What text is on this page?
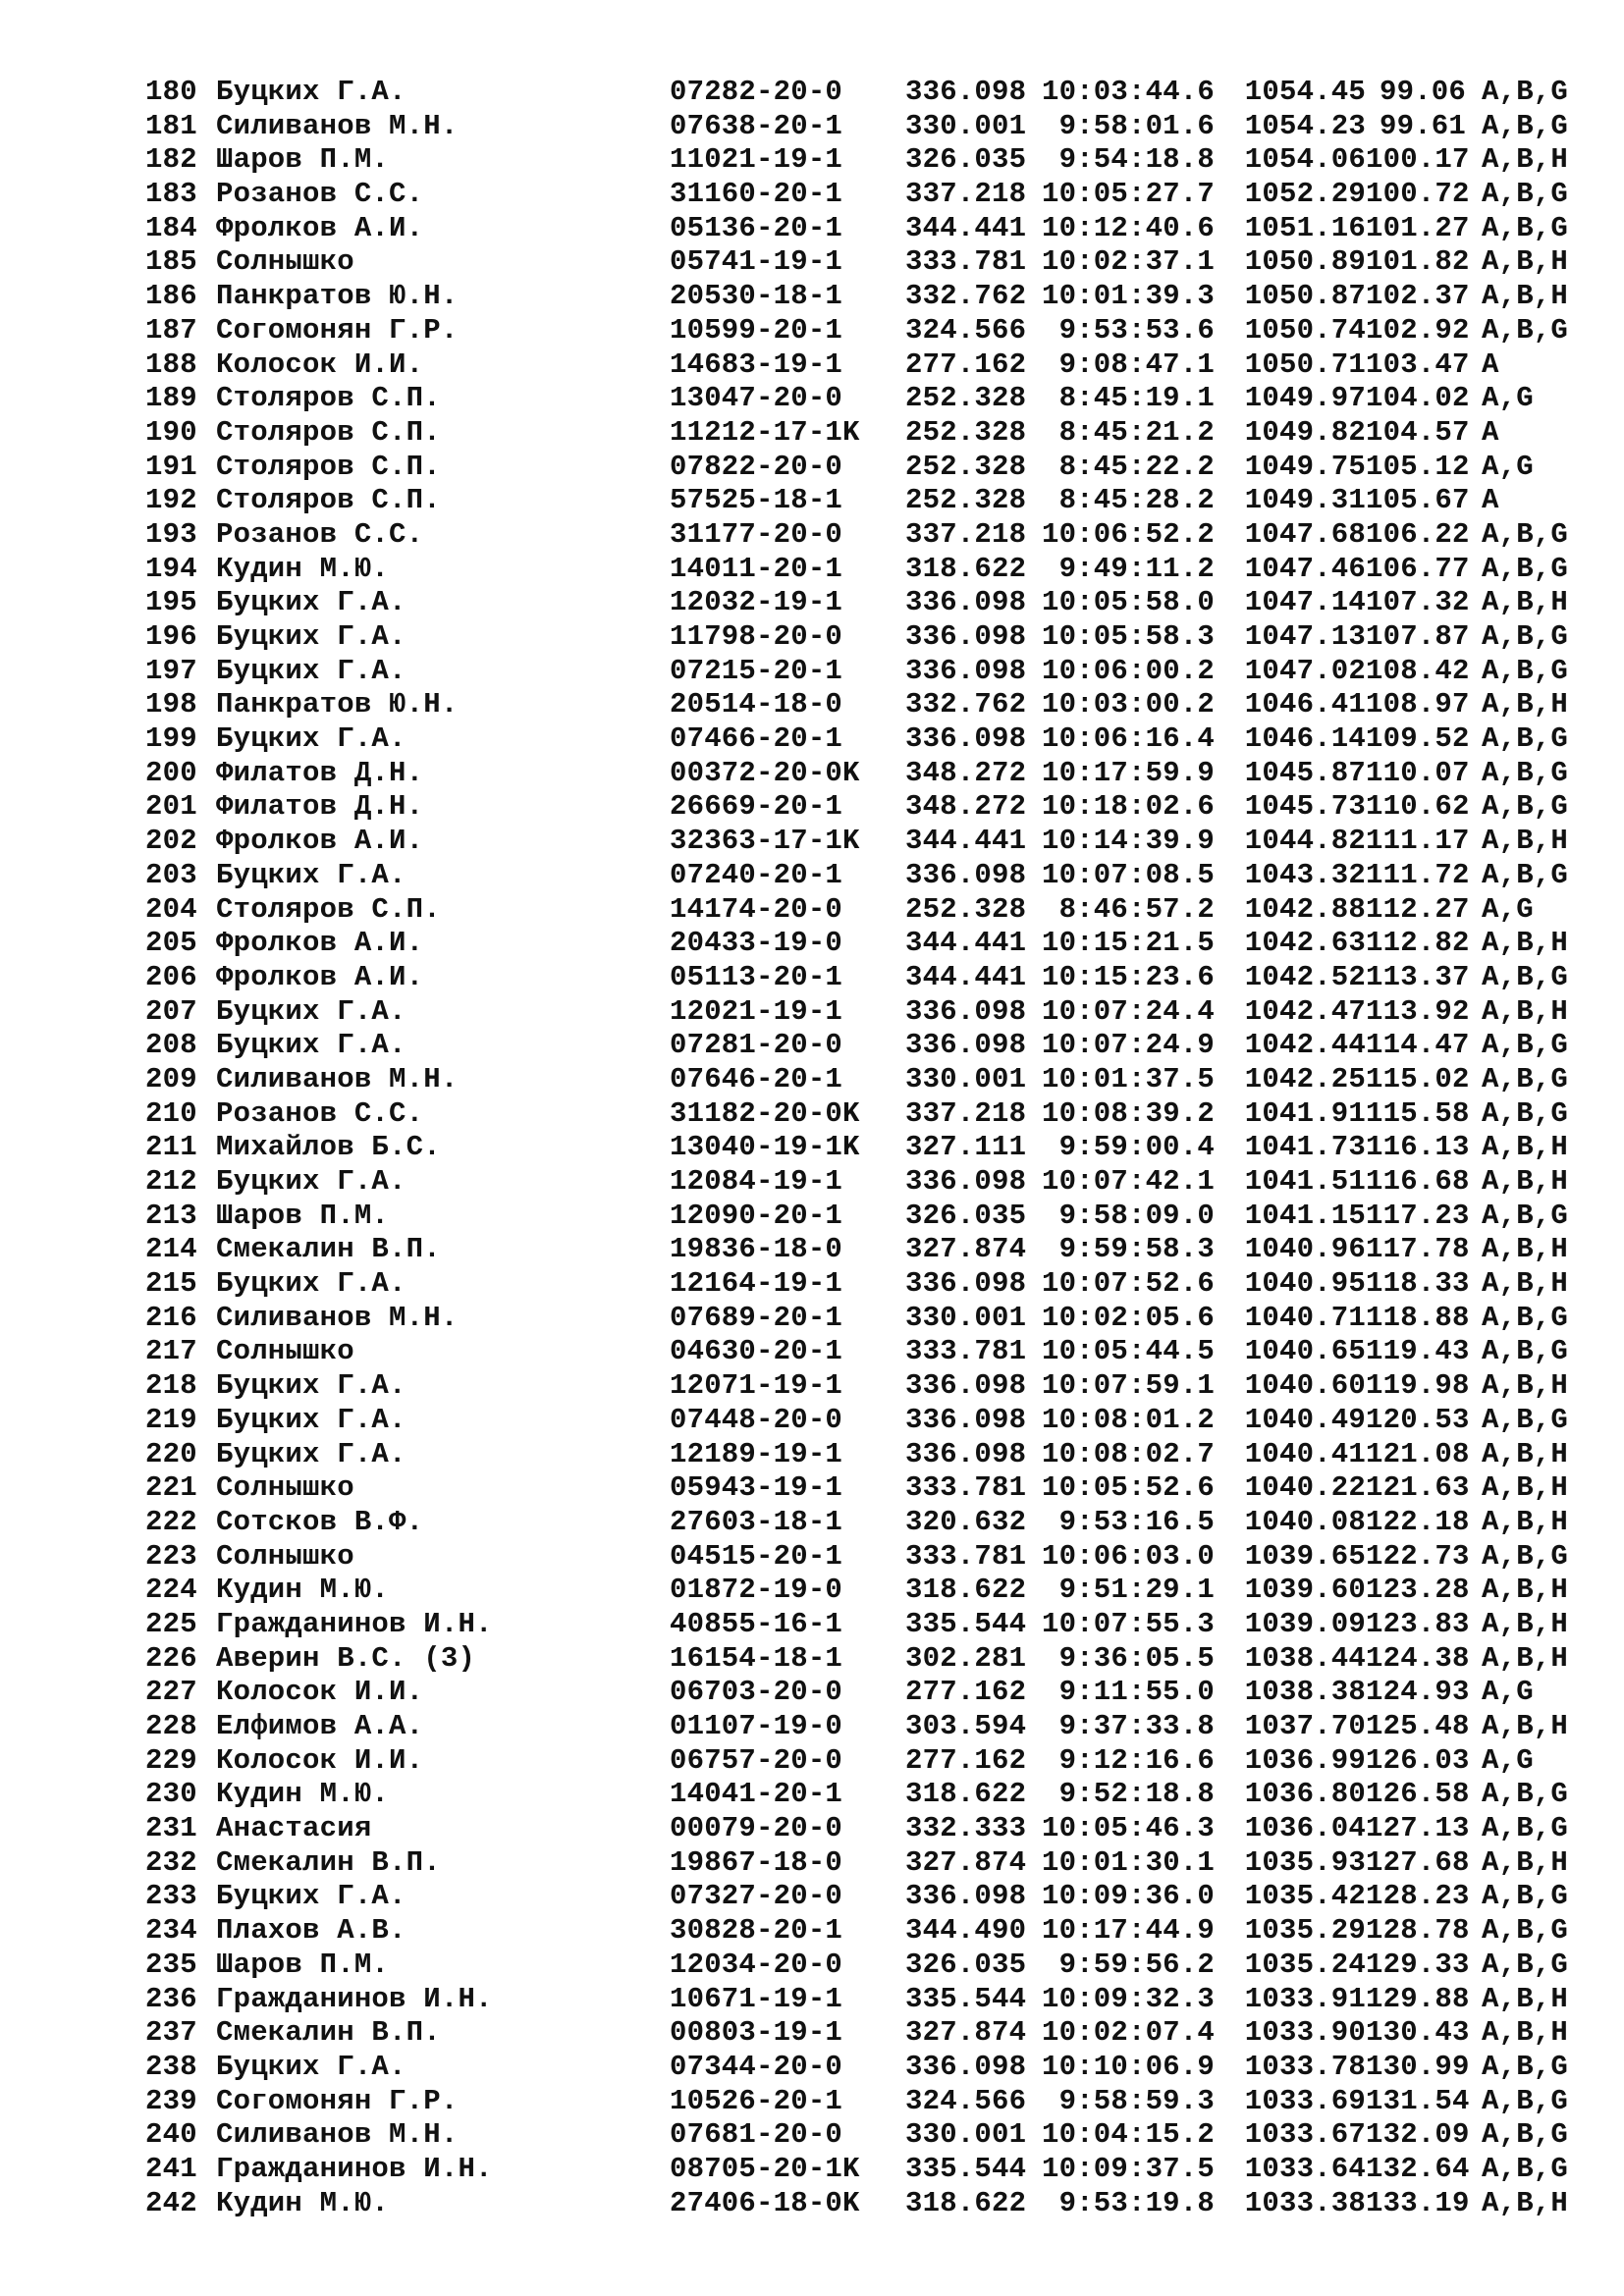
180 Буцких Г.А.	07282-20-0 336.098 10:03:44.6 1054.45 99.06 A,B,G
181 Силиванов М.Н.	07638-20-1 330.001 9:58:01.6 1054.23 99.61 A,B,G
182 Шаров П.М.	11021-19-1 326.035 9:54:18.8 1054.06100.17 A,B,H
183 Розанов С.С.	31160-20-1 337.218 10:05:27.7 1052.29100.72 A,B,G
184 Фролков А.И.	05136-20-1 344.441 10:12:40.6 1051.16101.27 A,B,G
185 Солнышко	05741-19-1 333.781 10:02:37.1 1050.89101.82 A,B,H
186 Панкратов Ю.Н.	20530-18-1 332.762 10:01:39.3 1050.87102.37 A,B,H
187 Согомонян Г.Р.	10599-20-1 324.566 9:53:53.6 1050.74102.92 A,B,G
188 Колосок И.И.	14683-19-1 277.162 9:08:47.1 1050.71103.47 A
189 Столяров С.П.	13047-20-0 252.328 8:45:19.1 1049.97104.02 A,G
190 Столяров С.П.	11212-17-1K 252.328 8:45:21.2 1049.82104.57 A
191 Столяров С.П.	07822-20-0 252.328 8:45:22.2 1049.75105.12 A,G
192 Столяров С.П.	57525-18-1 252.328 8:45:28.2 1049.31105.67 A
193 Розанов С.С.	31177-20-0 337.218 10:06:52.2 1047.68106.22 A,B,G
194 Кудин М.Ю.	14011-20-1 318.622 9:49:11.2 1047.46106.77 A,B,G
195 Буцких Г.А.	12032-19-1 336.098 10:05:58.0 1047.14107.32 A,B,H
196 Буцких Г.А.	11798-20-0 336.098 10:05:58.3 1047.13107.87 A,B,G
197 Буцких Г.А.	07215-20-1 336.098 10:06:00.2 1047.02108.42 A,B,G
198 Панкратов Ю.Н.	20514-18-0 332.762 10:03:00.2 1046.41108.97 A,B,H
199 Буцких Г.А.	07466-20-1 336.098 10:06:16.4 1046.14109.52 A,B,G
200 Филатов Д.Н.	00372-20-0K 348.272 10:17:59.9 1045.87110.07 A,B,G
201 Филатов Д.Н.	26669-20-1 348.272 10:18:02.6 1045.73110.62 A,B,G
202 Фролков А.И.	32363-17-1K 344.441 10:14:39.9 1044.82111.17 A,B,H
203 Буцких Г.А.	07240-20-1 336.098 10:07:08.5 1043.32111.72 A,B,G
204 Столяров С.П.	14174-20-0 252.328 8:46:57.2 1042.88112.27 A,G
205 Фролков А.И.	20433-19-0 344.441 10:15:21.5 1042.63112.82 A,B,H
206 Фролков А.И.	05113-20-1 344.441 10:15:23.6 1042.52113.37 A,B,G
207 Буцких Г.А.	12021-19-1 336.098 10:07:24.4 1042.47113.92 A,B,H
208 Буцких Г.А.	07281-20-0 336.098 10:07:24.9 1042.44114.47 A,B,G
209 Силиванов М.Н.	07646-20-1 330.001 10:01:37.5 1042.25115.02 A,B,G
210 Розанов С.С.	31182-20-0K 337.218 10:08:39.2 1041.91115.58 A,B,G
211 Михайлов Б.С.	13040-19-1K 327.111 9:59:00.4 1041.73116.13 A,B,H
212 Буцких Г.А.	12084-19-1 336.098 10:07:42.1 1041.51116.68 A,B,H
213 Шаров П.М.	12090-20-1 326.035 9:58:09.0 1041.15117.23 A,B,G
214 Смекалин В.П.	19836-18-0 327.874 9:59:58.3 1040.96117.78 A,B,H
215 Буцких Г.А.	12164-19-1 336.098 10:07:52.6 1040.95118.33 A,B,H
216 Силиванов М.Н.	07689-20-1 330.001 10:02:05.6 1040.71118.88 A,B,G
217 Солнышко	04630-20-1 333.781 10:05:44.5 1040.65119.43 A,B,G
218 Буцких Г.А.	12071-19-1 336.098 10:07:59.1 1040.60119.98 A,B,H
219 Буцких Г.А.	07448-20-0 336.098 10:08:01.2 1040.49120.53 A,B,G
220 Буцких Г.А.	12189-19-1 336.098 10:08:02.7 1040.41121.08 A,B,H
221 Солнышко	05943-19-1 333.781 10:05:52.6 1040.22121.63 A,B,H
222 Сотсков В.Ф.	27603-18-1 320.632 9:53:16.5 1040.08122.18 A,B,H
223 Солнышко	04515-20-1 333.781 10:06:03.0 1039.65122.73 A,B,G
224 Кудин М.Ю.	01872-19-0 318.622 9:51:29.1 1039.60123.28 A,B,H
225 Гражданинов И.Н.	40855-16-1 335.544 10:07:55.3 1039.09123.83 A,B,H
226 Аверин В.С. (3)	16154-18-1 302.281 9:36:05.5 1038.44124.38 A,B,H
227 Колосок И.И.	06703-20-0 277.162 9:11:55.0 1038.38124.93 A,G
228 Елфимов А.А.	01107-19-0 303.594 9:37:33.8 1037.70125.48 A,B,H
229 Колосок И.И.	06757-20-0 277.162 9:12:16.6 1036.99126.03 A,G
230 Кудин М.Ю.	14041-20-1 318.622 9:52:18.8 1036.80126.58 A,B,G
231 Анастасия	00079-20-0 332.333 10:05:46.3 1036.04127.13 A,B,G
232 Смекалин В.П.	19867-18-0 327.874 10:01:30.1 1035.93127.68 A,B,H
233 Буцких Г.А.	07327-20-0 336.098 10:09:36.0 1035.42128.23 A,B,G
234 Плахов А.В.	30828-20-1 344.490 10:17:44.9 1035.29128.78 A,B,G
235 Шаров П.М.	12034-20-0 326.035 9:59:56.2 1035.24129.33 A,B,G
236 Гражданинов И.Н.	10671-19-1 335.544 10:09:32.3 1033.91129.88 A,B,H
237 Смекалин В.П.	00803-19-1 327.874 10:02:07.4 1033.90130.43 A,B,H
238 Буцких Г.А.	07344-20-0 336.098 10:10:06.9 1033.78130.99 A,B,G
239 Согомонян Г.Р.	10526-20-1 324.566 9:58:59.3 1033.69131.54 A,B,G
240 Силиванов М.Н.	07681-20-0 330.001 10:04:15.2 1033.67132.09 A,B,G
241 Гражданинов И.Н.	08705-20-1K 335.544 10:09:37.5 1033.64132.64 A,B,G
242 Кудин М.Ю.	27406-18-0K 318.622 9:53:19.8 1033.38133.19 A,B,H
